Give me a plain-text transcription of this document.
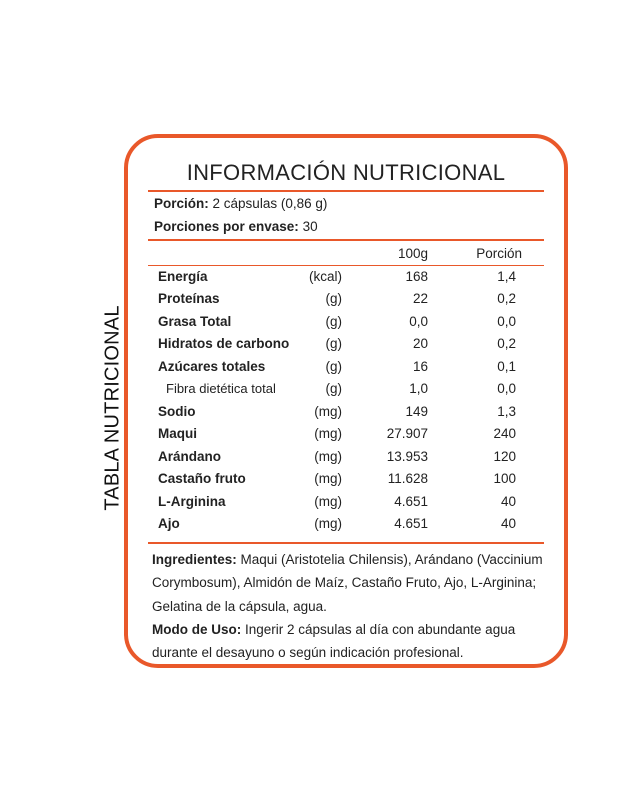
TABLA NUTRICIONAL
INFORMACIÓN NUTRICIONAL
Porción: 2 cápsulas (0,86 g)
Porciones por envase: 30
100g	Porción
Energía	(kcal)	168	1,4
Proteínas	(g)	22	0,2
Grasa Total	(g)	0,0	0,0
Hidratos de carbono	(g)	20	0,2
Azúcares totales	(g)	16	0,1
Fibra dietética total	(g)	1,0	0,0
Sodio	(mg)	149	1,3
Maqui	(mg)	27.907	240
Arándano	(mg)	13.953	120
Castaño fruto	(mg)	11.628	100
L-Arginina	(mg)	4.651	40
Ajo	(mg)	4.651	40
Ingredientes: Maqui (Aristotelia Chilensis), Arándano (Vaccinium Corymbosum), Almidón de Maíz, Castaño Fruto, Ajo, L-Arginina; Gelatina de la cápsula, agua.
Modo de Uso: Ingerir 2 cápsulas al día con abundante agua durante el desayuno o según indicación profesional.
